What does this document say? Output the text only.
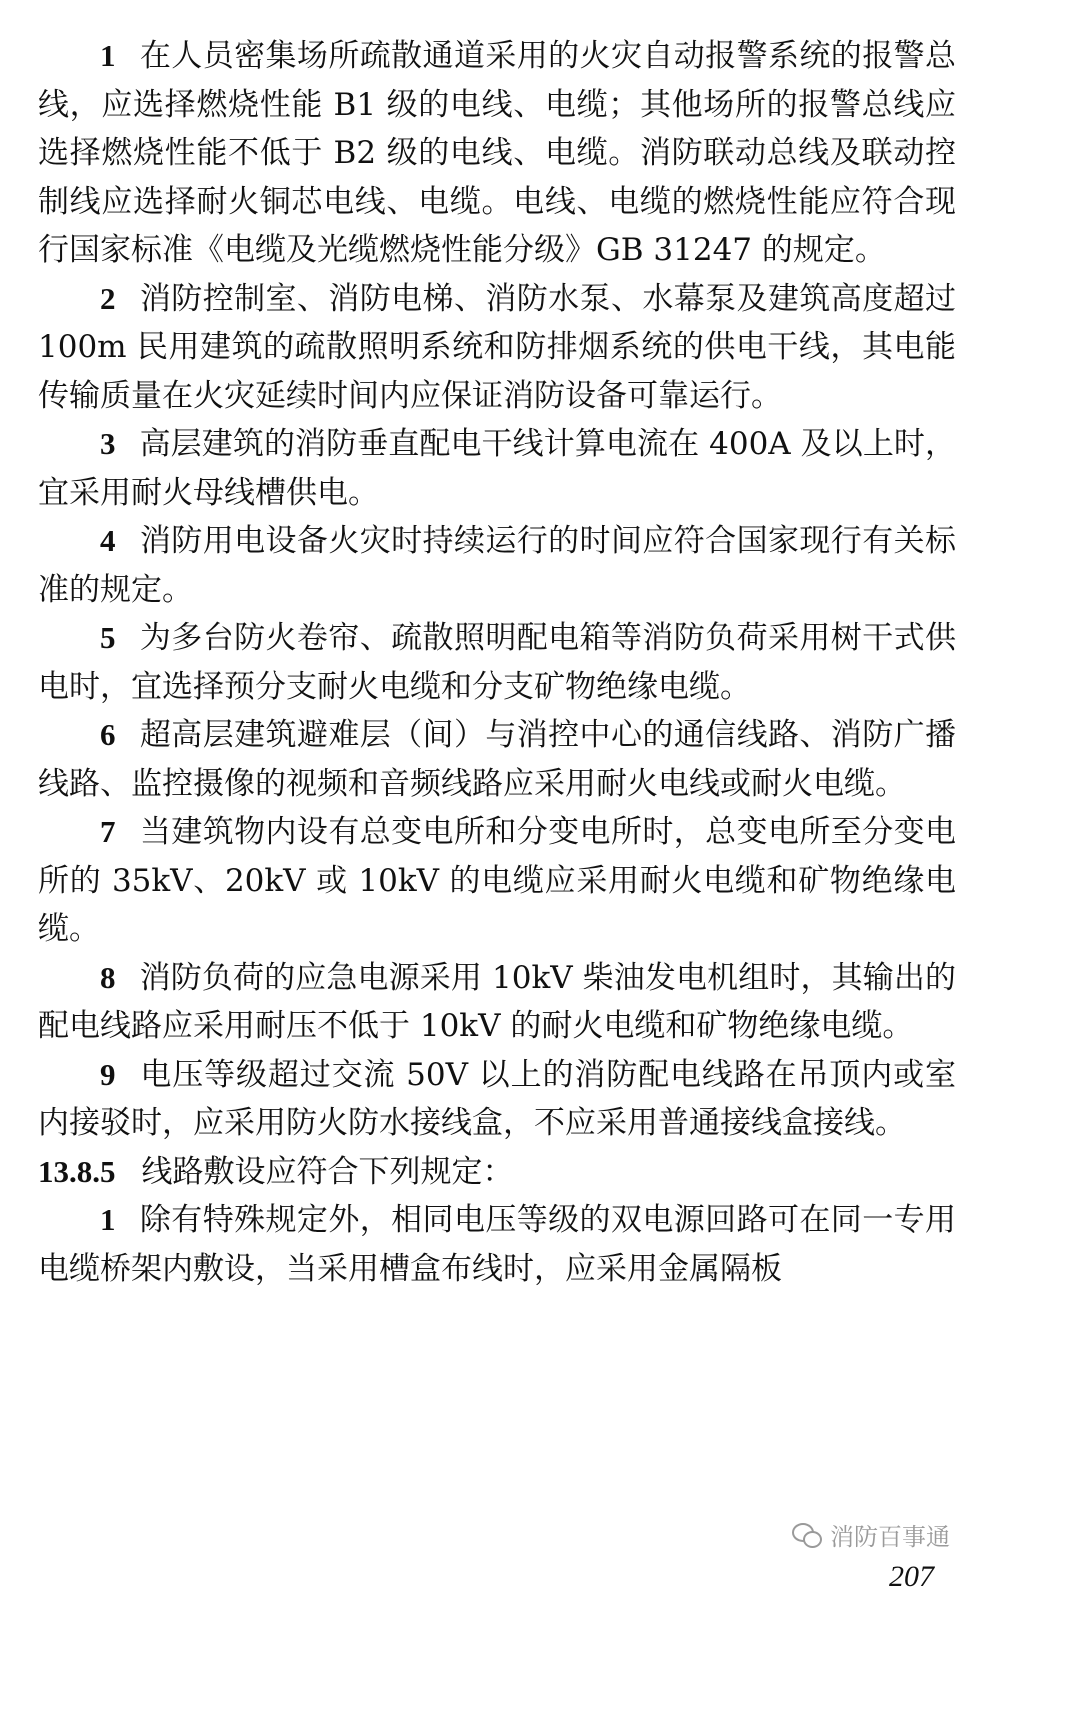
1 在人员密集场所疏散通道采用的火灾自动报警系统的报警总线，应选择燃烧性能 B1 级的电线、电缆；其他场所的报警总线应选择燃烧性能不低于 B2 级的电线、电缆。消防联动总线及联动控制线应选择耐火铜芯电线、电缆。电线、电缆的燃烧性能应符合现行国家标准《电缆及光缆燃烧性能分级》GB 31247 的规定。

2 消防控制室、消防电梯、消防水泵、水幕泵及建筑高度超过 100m 民用建筑的疏散照明系统和防排烟系统的供电干线，其电能传输质量在火灾延续时间内应保证消防设备可靠运行。

3 高层建筑的消防垂直配电干线计算电流在 400A 及以上时，宜采用耐火母线槽供电。

4 消防用电设备火灾时持续运行的时间应符合国家现行有关标准的规定。

5 为多台防火卷帘、疏散照明配电箱等消防负荷采用树干式供电时，宜选择预分支耐火电缆和分支矿物绝缘电缆。

6 超高层建筑避难层（间）与消控中心的通信线路、消防广播线路、监控摄像的视频和音频线路应采用耐火电线或耐火电缆。

7 当建筑物内设有总变电所和分变电所时，总变电所至分变电所的 35kV、20kV 或 10kV 的电缆应采用耐火电缆和矿物绝缘电缆。

8 消防负荷的应急电源采用 10kV 柴油发电机组时，其输出的配电线路应采用耐压不低于 10kV 的耐火电缆和矿物绝缘电缆。

9 电压等级超过交流 50V 以上的消防配电线路在吊顶内或室内接驳时，应采用防火防水接线盒，不应采用普通接线盒接线。

13.8.5 线路敷设应符合下列规定：

1 除有特殊规定外，相同电压等级的双电源回路可在同一专用电缆桥架内敷设，当采用槽盒布线时，应采用金属隔板

消防百事通
207
